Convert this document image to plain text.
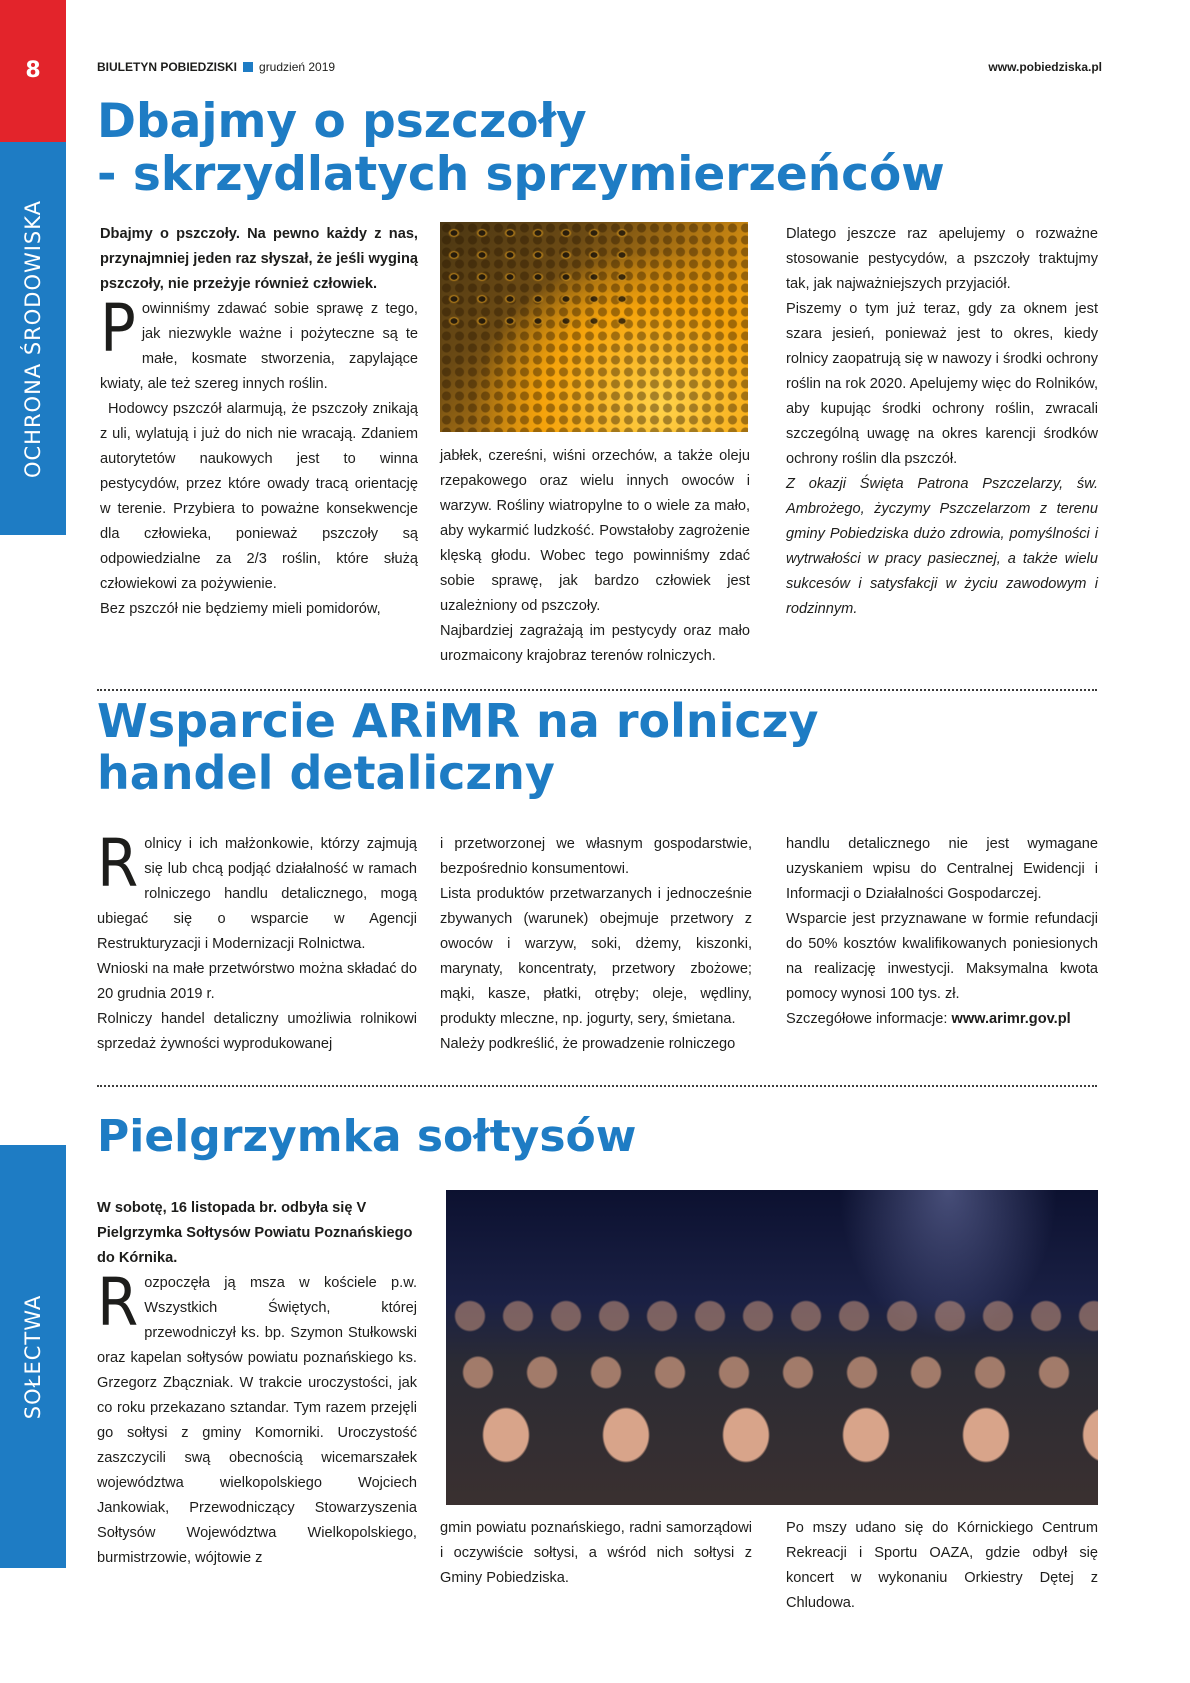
8
OCHRONA ŚRODOWISKA
SOŁECTWA
BIULETYN POBIEDZISKI grudzień 2019	www.pobiedziska.pl
Dbajmy o pszczoły
- skrzydlatych sprzymierzeńców

Dbajmy o pszczoły. Na pewno każdy z nas, przynajmniej jeden raz słyszał, że jeśli wyginą pszczoły, nie przeżyje również człowiek.

Powinniśmy zdawać sobie sprawę z tego, jak niezwykle ważne i pożyteczne są te małe, kosmate stworzenia, zapylające kwiaty, ale też szereg innych roślin.

Hodowcy pszczół alarmują, że pszczoły znikają z uli, wylatują i już do nich nie wracają. Zdaniem autorytetów naukowych jest to winna pestycydów, przez które owady tracą orientację w terenie. Przybiera to poważne konsekwencje dla człowieka, ponieważ pszczoły są odpowiedzialne za 2/3 roślin, które służą człowiekowi za pożywienie.

Bez pszczół nie będziemy mieli pomidorów,

jabłek, czereśni, wiśni orzechów, a także oleju rzepakowego oraz wielu innych owoców i warzyw. Rośliny wiatropylne to o wiele za mało, aby wykarmić ludzkość. Powstałoby zagrożenie klęską głodu. Wobec tego powinniśmy zdać sobie sprawę, jak bardzo człowiek jest uzależniony od pszczoły.

Najbardziej zagrażają im pestycydy oraz mało urozmaicony krajobraz terenów rolniczych.

Dlatego jeszcze raz apelujemy o rozważne stosowanie pestycydów, a pszczoły traktujmy tak, jak najważniejszych przyjaciół.

Piszemy o tym już teraz, gdy za oknem jest szara jesień, ponieważ jest to okres, kiedy rolnicy zaopatrują się w nawozy i środki ochrony roślin na rok 2020. Apelujemy więc do Rolników, aby kupując środki ochrony roślin, zwracali szczególną uwagę na okres karencji środków ochrony roślin dla pszczół.

Z okazji Święta Patrona Pszczelarzy, św. Ambrożego, życzymy Pszczelarzom z terenu gminy Pobiedziska dużo zdrowia, pomyślności i wytrwałości w pracy pasiecznej, a także wielu sukcesów i satysfakcji w życiu zawodowym i rodzinnym.

Wsparcie ARiMR na rolniczy
handel detaliczny

Rolnicy i ich małżonkowie, którzy zajmują się lub chcą podjąć działalność w ramach rolniczego handlu detalicznego, mogą ubiegać się o wsparcie w Agencji Restrukturyzacji i Modernizacji Rolnictwa.

Wnioski na małe przetwórstwo można składać do 20 grudnia 2019 r.

Rolniczy handel detaliczny umożliwia rolnikowi sprzedaż żywności wyprodukowanej

i przetworzonej we własnym gospodarstwie, bezpośrednio konsumentowi.

Lista produktów przetwarzanych i jednocześnie zbywanych (warunek) obejmuje przetwory z owoców i warzyw, soki, dżemy, kiszonki, marynaty, koncentraty, przetwory zbożowe; mąki, kasze, płatki, otręby; oleje, wędliny, produkty mleczne, np. jogurty, sery, śmietana.

Należy podkreślić, że prowadzenie rolniczego

handlu detalicznego nie jest wymagane uzyskaniem wpisu do Centralnej Ewidencji i Informacji o Działalności Gospodarczej.

Wsparcie jest przyznawane w formie refundacji do 50% kosztów kwalifikowanych poniesionych na realizację inwestycji. Maksymalna kwota pomocy wynosi 100 tys. zł.

Szczegółowe informacje: www.arimr.gov.pl

Pielgrzymka sołtysów

W sobotę, 16 listopada br. odbyła się V Pielgrzymka Sołtysów Powiatu Poznańskiego do Kórnika.

Rozpoczęła ją msza w kościele p.w. Wszystkich Świętych, której przewodniczył ks. bp. Szymon Stułkowski oraz kapelan sołtysów powiatu poznańskiego ks. Grzegorz Zbączniak. W trakcie uroczystości, jak co roku przekazano sztandar. Tym razem przejęli go sołtysi z gminy Komorniki. Uroczystość zaszczycili swą obecnością wicemarszałek województwa wielkopolskiego Wojciech Jankowiak, Przewodniczący Stowarzyszenia Sołtysów Województwa Wielkopolskiego, burmistrzowie, wójtowie z

gmin powiatu poznańskiego, radni samorządowi i oczywiście sołtysi, a wśród nich sołtysi z Gminy Pobiedziska.

Po mszy udano się do Kórnickiego Centrum Rekreacji i Sportu OAZA, gdzie odbył się koncert w wykonaniu Orkiestry Dętej z Chludowa.
